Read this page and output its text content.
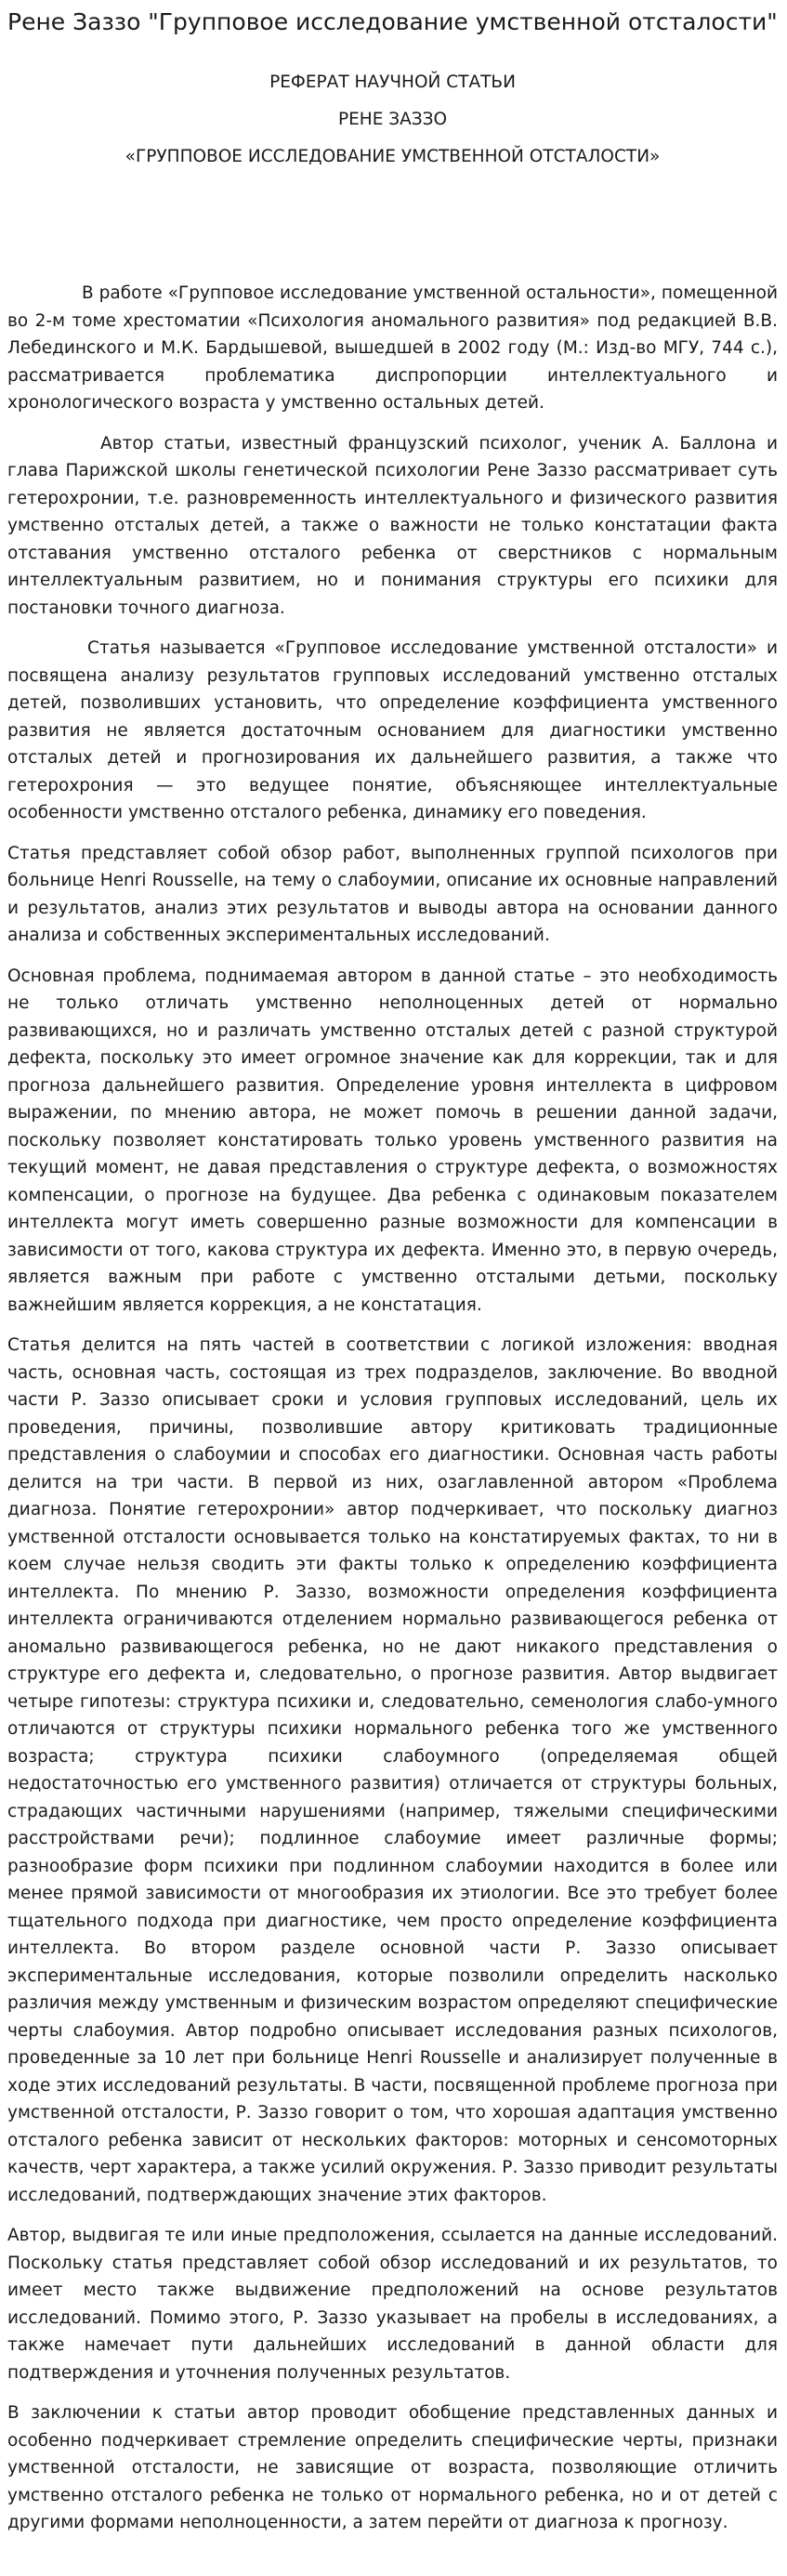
Рене Заззо "Групповое исследование умственной отсталости"
РЕФЕРАТ НАУЧНОЙ СТАТЬИ
РЕНЕ ЗАЗЗО
«ГРУППОВОЕ ИССЛЕДОВАНИЕ УМСТВЕННОЙ ОТСТАЛОСТИ»

В работе «Групповое исследование умственной остальности», помещенной во 2-м томе хрестоматии «Психология аномального развития» под редакцией В.В. Лебединского и М.К. Бардышевой, вышедшей в 2002 году (М.: Изд-во МГУ, 744 с.), рассматривается проблематика диспропорции интеллектуального и хронологического возраста у умственно остальных детей.

Автор статьи, известный французский психолог, ученик А. Баллона и глава Парижской школы генетической психологии Рене Заззо рассматривает суть гетерохронии, т.е. разновременность интеллектуального и физического развития умственно отсталых детей, а также о важности не только констатации факта отставания умственно отсталого ребенка от сверстников с нормальным интеллектуальным развитием, но и понимания структуры его психики для постановки точного диагноза.

Статья называется «Групповое исследование умственной отсталости» и посвящена анализу результатов групповых исследований умственно отсталых детей, позволивших установить, что определение коэффициента умственного развития не является достаточным основанием для диагностики умственно отсталых детей и прогнозирования их дальнейшего развития, а также что гетерохрония — это ведущее понятие, объясняющее интеллектуальные особенности умственно отсталого ребенка, динамику его поведения.

Статья представляет собой обзор работ, выполненных группой психологов при больнице Henri Rousselle, на тему о слабоумии, описание их основные направлений и результатов, анализ этих результатов и выводы автора на основании данного анализа и собственных экспериментальных исследований.

Основная проблема, поднимаемая автором в данной статье – это необходимость не только отличать умственно неполноценных детей от нормально развивающихся, но и различать умственно отсталых детей с разной структурой дефекта, поскольку это имеет огромное значение как для коррекции, так и для прогноза дальнейшего развития. Определение уровня интеллекта в цифровом выражении, по мнению автора, не может помочь в решении данной задачи, поскольку позволяет констатировать только уровень умственного развития на текущий момент, не давая представления о структуре дефекта, о возможностях компенсации, о прогнозе на будущее. Два ребенка с одинаковым показателем интеллекта могут иметь совершенно разные возможности для компенсации в зависимости от того, какова структура их дефекта. Именно это, в первую очередь, является важным при работе с умственно отсталыми детьми, поскольку важнейшим является коррекция, а не констатация.

Статья делится на пять частей в соответствии с логикой изложения: вводная часть, основная часть, состоящая из трех подразделов, заключение. Во вводной части Р. Заззо описывает сроки и условия групповых исследований, цель их проведения, причины, позволившие автору критиковать традиционные представления о слабоумии и способах его диагностики. Основная часть работы делится на три части. В первой из них, озаглавленной автором «Проблема диагноза. Понятие гетерохронии» автор подчеркивает, что поскольку диагноз умственной отсталости основывается только на констатируемых фактах, то ни в коем случае нельзя сводить эти факты только к определению коэффициента интеллекта. По мнению Р. Заззо, возможности определения коэффициента интеллекта ограничиваются отделением нормально развивающегося ребенка от аномально развивающегося ребенка, но не дают никакого представления о структуре его дефекта и, следовательно, о прогнозе развития. Автор выдвигает четыре гипотезы: структура психики и, следовательно, семенология слабо-умного отличаются от структуры психики нормального ребенка того же умственного возраста; структура психики слабоумного (определяемая общей недостаточностью его умственного развития) отличается от структуры больных, страдающих частичными нарушениями (например, тяжелыми специфическими расстройствами речи); подлинное слабоумие имеет различные формы; разнообразие форм психики при подлинном слабоумии находится в более или менее прямой зависимости от многообразия их этиологии. Все это требует более тщательного подхода при диагностике, чем просто определение коэффициента интеллекта. Во втором разделе основной части Р. Заззо описывает экспериментальные исследования, которые позволили определить насколько различия между умственным и физическим возрастом определяют специфические черты слабоумия. Автор подробно описывает исследования разных психологов, проведенные за 10 лет при больнице Henri Rousselle и анализирует полученные в ходе этих исследований результаты. В части, посвященной проблеме прогноза при умственной отсталости, Р. Заззо говорит о том, что хорошая адаптация умственно отсталого ребенка зависит от нескольких факторов: моторных и сенсомоторных качеств, черт характера, а также усилий окружения. Р. Заззо приводит результаты исследований, подтверждающих значение этих факторов.

Автор, выдвигая те или иные предположения, ссылается на данные исследований. Поскольку статья представляет собой обзор исследований и их результатов, то имеет место также выдвижение предположений на основе результатов исследований. Помимо этого, Р. Заззо указывает на пробелы в исследованиях, а также намечает пути дальнейших исследований в данной области для подтверждения и уточнения полученных результатов.

В заключении к статьи автор проводит обобщение представленных данных и особенно подчеркивает стремление определить специфические черты, признаки умственной отсталости, не зависящие от возраста, позволяющие отличить умственно отсталого ребенка не только от нормального ребенка, но и от детей с другими формами неполноценности, а затем перейти от диагноза к прогнозу.
